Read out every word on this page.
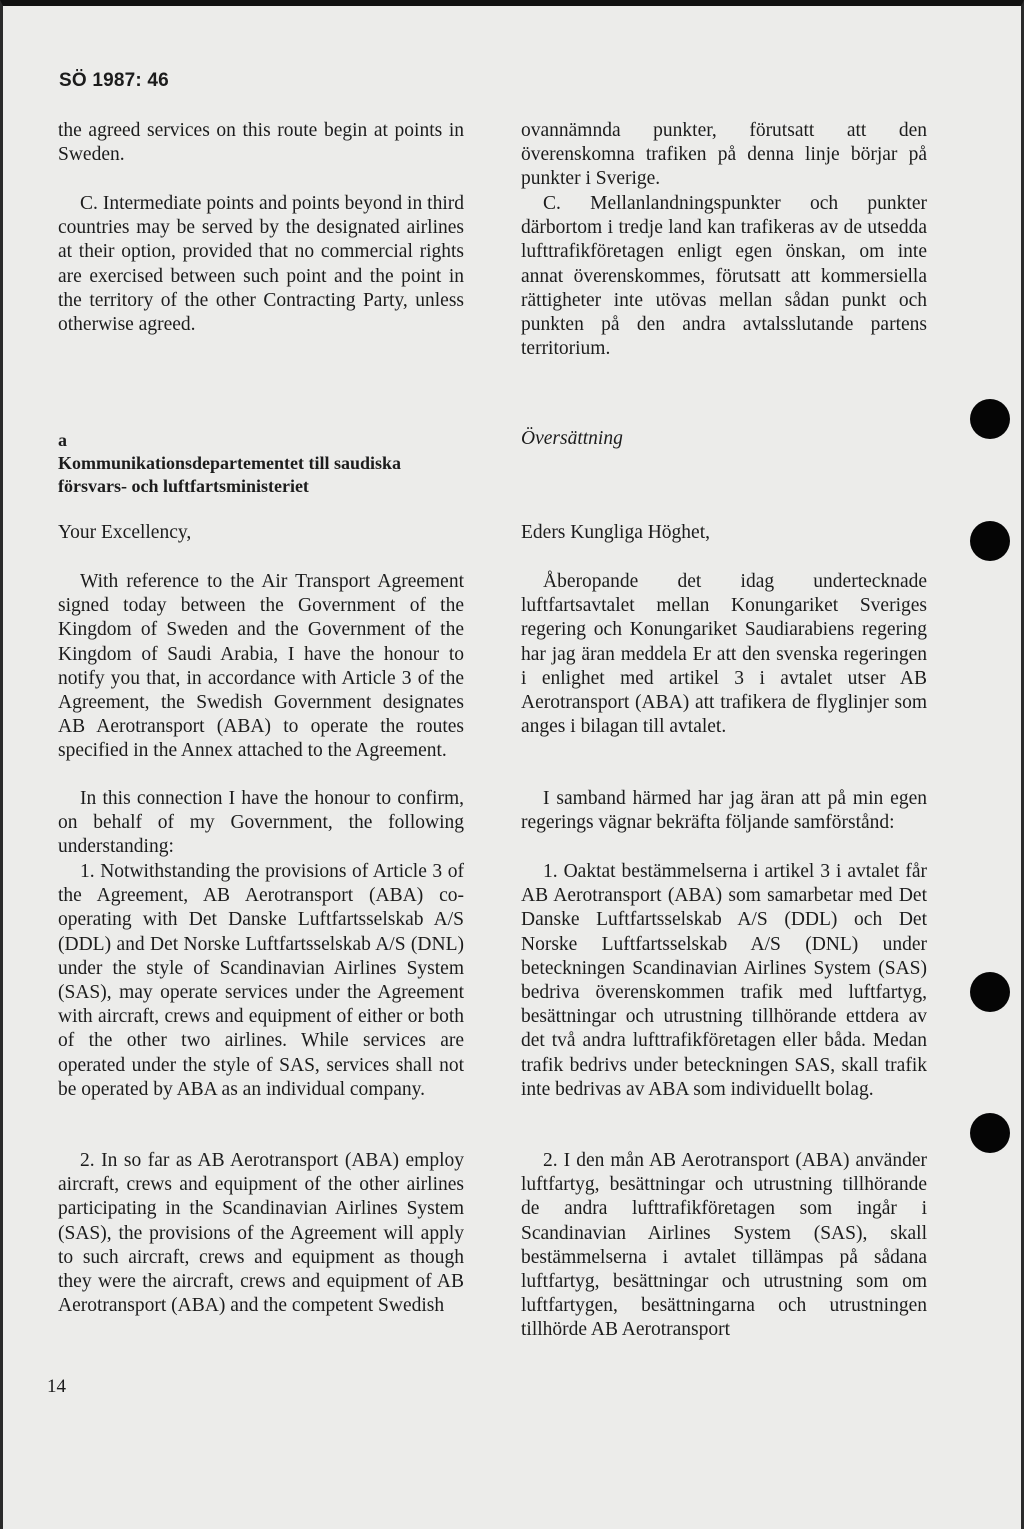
SÖ 1987: 46

the agreed services on this route begin at points in Sweden.

C. Intermediate points and points beyond in third countries may be served by the designated airlines at their option, provided that no commercial rights are exercised between such point and the point in the territory of the other Contracting Party, unless otherwise agreed.

a
Kommunikationsdepartementet till saudiska försvars- och luftfartsministeriet

Your Excellency,

With reference to the Air Transport Agreement signed today between the Government of the Kingdom of Sweden and the Government of the Kingdom of Saudi Arabia, I have the honour to notify you that, in accordance with Article 3 of the Agreement, the Swedish Government designates AB Aerotransport (ABA) to operate the routes specified in the Annex attached to the Agreement.

In this connection I have the honour to confirm, on behalf of my Government, the following understanding:

1. Notwithstanding the provisions of Article 3 of the Agreement, AB Aerotransport (ABA) co-operating with Det Danske Luftfartsselskab A/S (DDL) and Det Norske Luftfartsselskab A/S (DNL) under the style of Scandinavian Airlines System (SAS), may operate services under the Agreement with aircraft, crews and equipment of either or both of the other two airlines. While services are operated under the style of SAS, services shall not be operated by ABA as an individual company.

2. In so far as AB Aerotransport (ABA) employ aircraft, crews and equipment of the other airlines participating in the Scandinavian Airlines System (SAS), the provisions of the Agreement will apply to such aircraft, crews and equipment as though they were the aircraft, crews and equipment of AB Aerotransport (ABA) and the competent Swedish

ovannämnda punkter, förutsatt att den överenskomna trafiken på denna linje börjar på punkter i Sverige.

C. Mellanlandningspunkter och punkter därbortom i tredje land kan trafikeras av de utsedda lufttrafikföretagen enligt egen önskan, om inte annat överenskommes, förutsatt att kommersiella rättigheter inte utövas mellan sådan punkt och punkten på den andra avtalsslutande partens territorium.

Översättning

Eders Kungliga Höghet,

Åberopande det idag undertecknade luftfartsavtalet mellan Konungariket Sveriges regering och Konungariket Saudiarabiens regering har jag äran meddela Er att den svenska regeringen i enlighet med artikel 3 i avtalet utser AB Aerotransport (ABA) att trafikera de flyglinjer som anges i bilagan till avtalet.

I samband härmed har jag äran att på min egen regerings vägnar bekräfta följande samförstånd:

1. Oaktat bestämmelserna i artikel 3 i avtalet får AB Aerotransport (ABA) som samarbetar med Det Danske Luftfartsselskab A/S (DDL) och Det Norske Luftfartsselskab A/S (DNL) under beteckningen Scandinavian Airlines System (SAS) bedriva överenskommen trafik med luftfartyg, besättningar och utrustning tillhörande ettdera av det två andra lufttrafikföretagen eller båda. Medan trafik bedrivs under beteckningen SAS, skall trafik inte bedrivas av ABA som individuellt bolag.

2. I den mån AB Aerotransport (ABA) använder luftfartyg, besättningar och utrustning tillhörande de andra lufttrafikföretagen som ingår i Scandinavian Airlines System (SAS), skall bestämmelserna i avtalet tillämpas på sådana luftfartyg, besättningar och utrustning som om luftfartygen, besättningarna och utrustningen tillhörde AB Aerotransport

14
